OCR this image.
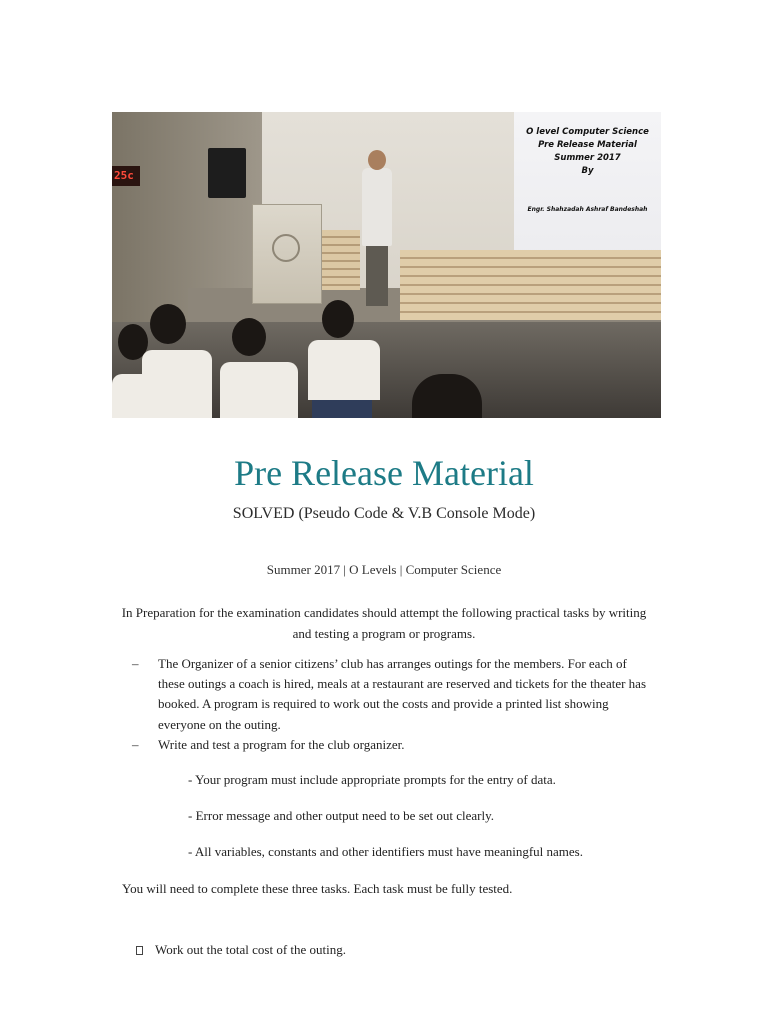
O level Computer Science
Pre Release Material
Summer 2017
By
Engr. Shahzadah Ashraf Bandeshah
25c
Pre Release Material
SOLVED (Pseudo Code & V.B Console Mode)
Summer 2017 | O Levels | Computer Science

In Preparation for the examination candidates should attempt the following practical tasks by writing and testing a program or programs.

– The Organizer of a senior citizens’ club has arranges outings for the members. For each of these outings a coach is hired, meals at a restaurant are reserved and tickets for the theater has booked. A program is required to work out the costs and provide a printed list showing everyone on the outing.
– Write and test a program for the club organizer.
- Your program must include appropriate prompts for the entry of data.
- Error message and other output need to be set out clearly.
- All variables, constants and other identifiers must have meaningful names.

You will need to complete these three tasks. Each task must be fully tested.

Work out the total cost of the outing.
